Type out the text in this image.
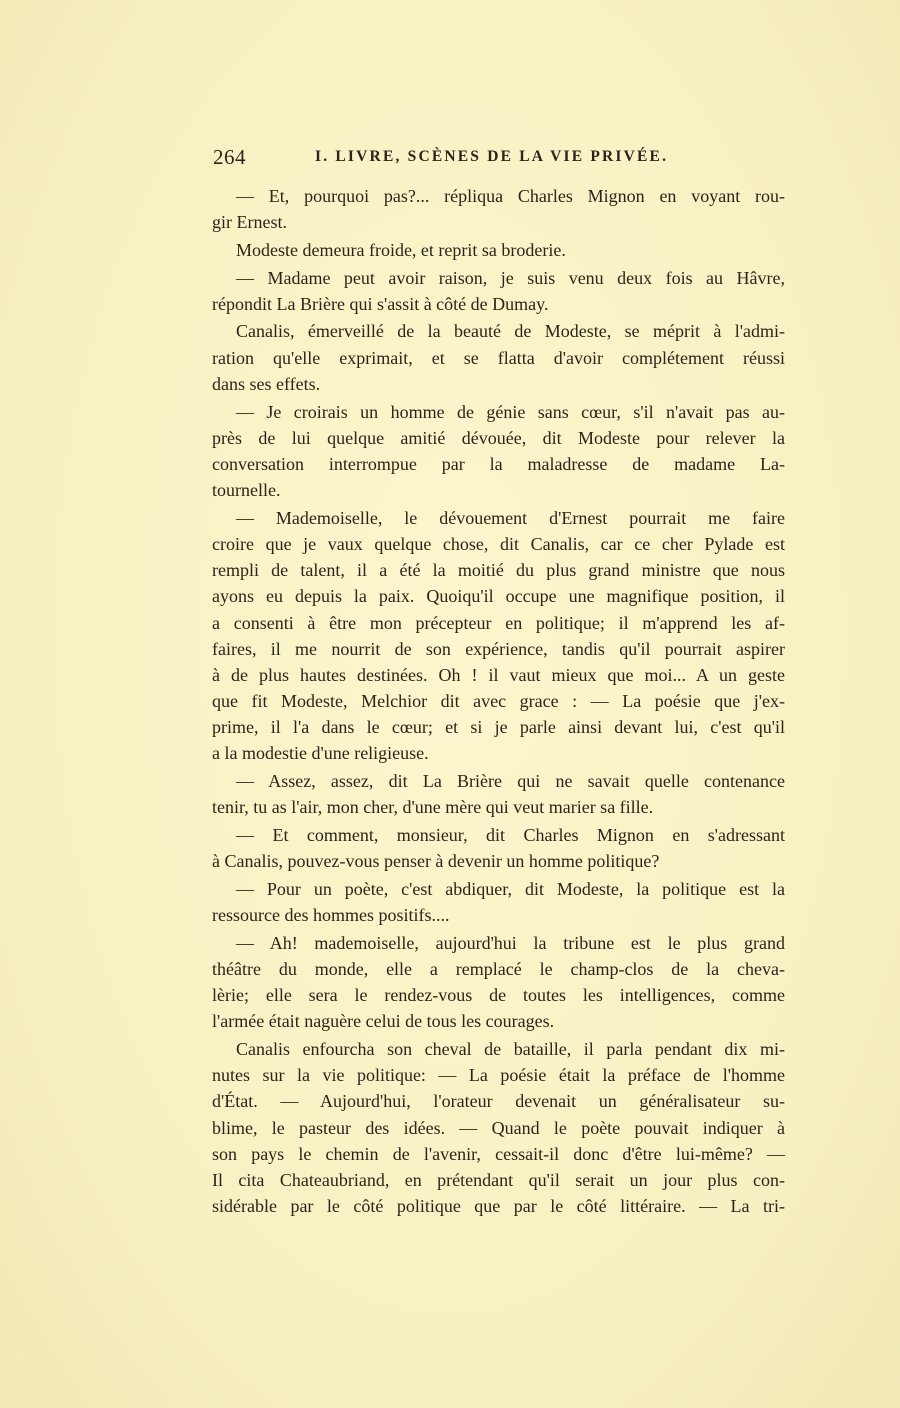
264	I. LIVRE, SCÈNES DE LA VIE PRIVÉE.
— Et, pourquoi pas?... répliqua Charles Mignon en voyant rou-
gir Ernest.
Modeste demeura froide, et reprit sa broderie.
— Madame peut avoir raison, je suis venu deux fois au Hâvre,
répondit La Brière qui s'assit à côté de Dumay.
Canalis, émerveillé de la beauté de Modeste, se méprit à l'admi-
ration qu'elle exprimait, et se flatta d'avoir complétement réussi
dans ses effets.
— Je croirais un homme de génie sans cœur, s'il n'avait pas au-
près de lui quelque amitié dévouée, dit Modeste pour relever la
conversation interrompue par la maladresse de madame La-
tournelle.
— Mademoiselle, le dévouement d'Ernest pourrait me faire
croire que je vaux quelque chose, dit Canalis, car ce cher Pylade est
rempli de talent, il a été la moitié du plus grand ministre que nous
ayons eu depuis la paix. Quoiqu'il occupe une magnifique position, il
a consenti à être mon précepteur en politique; il m'apprend les af-
faires, il me nourrit de son expérience, tandis qu'il pourrait aspirer
à de plus hautes destinées. Oh ! il vaut mieux que moi... A un geste
que fit Modeste, Melchior dit avec grace : — La poésie que j'ex-
prime, il l'a dans le cœur; et si je parle ainsi devant lui, c'est qu'il
a la modestie d'une religieuse.
— Assez, assez, dit La Brière qui ne savait quelle contenance
tenir, tu as l'air, mon cher, d'une mère qui veut marier sa fille.
— Et comment, monsieur, dit Charles Mignon en s'adressant
à Canalis, pouvez-vous penser à devenir un homme politique?
— Pour un poète, c'est abdiquer, dit Modeste, la politique est la
ressource des hommes positifs....
— Ah! mademoiselle, aujourd'hui la tribune est le plus grand
théâtre du monde, elle a remplacé le champ-clos de la cheva-
lèrie; elle sera le rendez-vous de toutes les intelligences, comme
l'armée était naguère celui de tous les courages.
Canalis enfourcha son cheval de bataille, il parla pendant dix mi-
nutes sur la vie politique: — La poésie était la préface de l'homme
d'État. — Aujourd'hui, l'orateur devenait un généralisateur su-
blime, le pasteur des idées. — Quand le poète pouvait indiquer à
son pays le chemin de l'avenir, cessait-il donc d'être lui-même? —
Il cita Chateaubriand, en prétendant qu'il serait un jour plus con-
sidérable par le côté politique que par le côté littéraire. — La tri-
